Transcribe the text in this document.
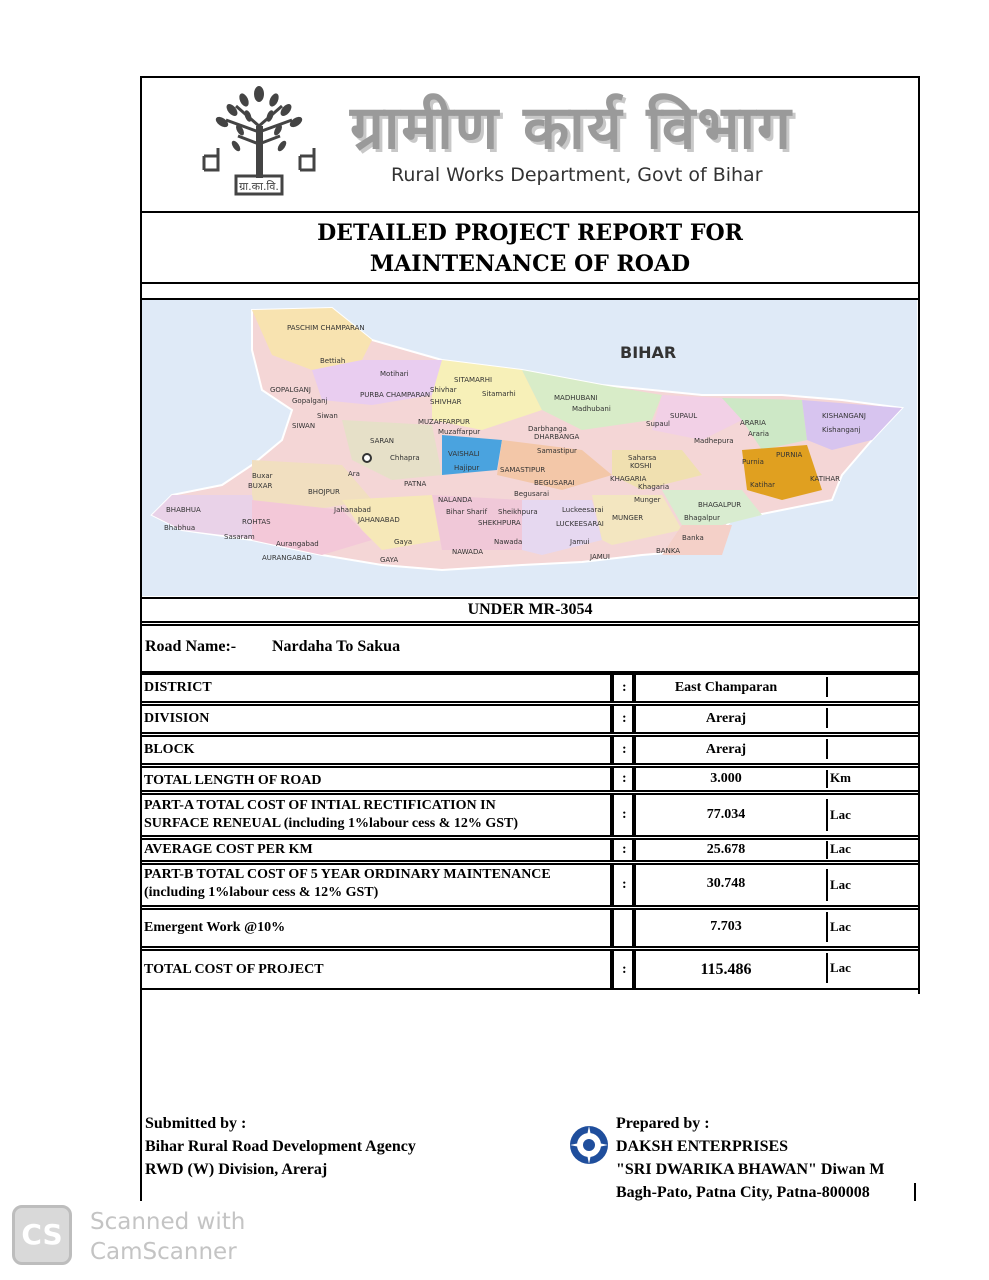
ग्रा.का.वि.
ग्रामीण कार्य विभाग
Rural Works Department, Govt of Bihar
DETAILED PROJECT REPORT FOR
MAINTENANCE OF ROAD
BIHAR
PASCHIM CHAMPARAN
Bettiah
Motihari
PURBA CHAMPARAN
SITAMARHI
Sitamarhi
SHIVHAR
Shivhar
MADHUBANI
Madhubani
GOPALGANJ
Gopalganj
SIWAN
Siwan
MUZAFFARPUR
Muzaffarpur	Darbhanga
DHARBANGA
SUPAUL
Supaul	ARARIA
Araria
KISHANGANJ
Kishanganj
SARAN
Chhapra	VAISHALI
Hajipur
Samastipur
SAMASTIPUR
Saharsa
KOSHI
Madhepura
PURNIA
Purnia
KATIHAR
Katihar
Buxar
BUXAR
Ara
BHOJPUR
PATNA	BEGUSARAI
Begusarai
KHAGARIA
Khagaria
Munger
NALANDA
BHAGALPUR
Bhagalpur
BHABHUA
Bhabhua
ROHTAS
Sasaram
Jahanabad
JAHANABAD
Bihar Sharif Sheikhpura
SHEKHPURA
Luckeesarai
LUCKEESARAI
MUNGER
Aurangabad
AURANGABAD
Gaya
GAYA
Nawada
NAWADA
Jamui
JAMUI
Banka
BANKA
UNDER MR-3054
Road Name:- Nardaha To Sakua
DISTRICT	:	East Champaran
DIVISION	:	Areraj
BLOCK	:	Areraj
TOTAL LENGTH OF ROAD	:	3.000	Km
PART-A TOTAL COST OF INTIAL RECTIFICATION IN
SURFACE RENEUAL (including 1%labour cess & 12% GST)
:	77.034	Lac
AVERAGE COST PER KM	:	25.678	Lac
PART-B TOTAL COST OF 5 YEAR ORDINARY MAINTENANCE
(including 1%labour cess & 12% GST)
:	30.748	Lac
Emergent Work @10%	7.703	Lac
TOTAL COST OF PROJECT	:	115.486	Lac
Submitted by :
Bihar Rural Road Development Agency
RWD (W) Division, Areraj
Prepared by :
DAKSH ENTERPRISES
"SRI DWARIKA BHAWAN" Diwan M
Bagh-Pato, Patna City, Patna-800008
CS	Scanned with
CamScanner
